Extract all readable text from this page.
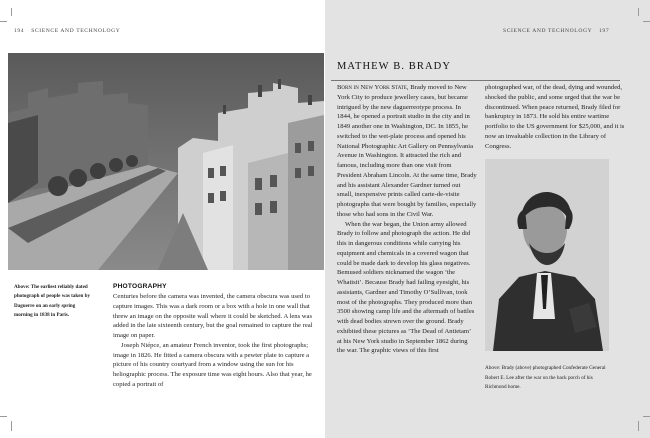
194 SCIENCE AND TECHNOLOGY
Above: The earliest reliably dated photograph of people was taken by Daguerre on an early spring morning in 1838 in Paris.
PHOTOGRAPHY

Centuries before the camera was invented, the camera obscura was used to capture images. This was a dark room or a box with a hole in one wall that threw an image on the opposite wall where it could be sketched. A lens was added in the late sixteenth century, but the goal remained to capture the real image on paper.

Joseph Niépce, an amateur French inventor, took the first photographs; image in 1826. He fitted a camera obscura with a pewter plate to capture a picture of his country courtyard from a window using the sun for his heliographic process. The exposure time was eight hours. Also that year, he copied a portrait of

SCIENCE AND TECHNOLOGY 197
MATHEW B. BRADY

Born in New York State, Brady moved to New York City to produce jewellery cases, but became intrigued by the new daguerreotype process. In 1844, he opened a portrait studio in the city and in 1849 another one in Washington, DC. In 1855, he switched to the wet-plate process and opened his National Photographic Art Gallery on Pennsylvania Avenue in Washington. It attracted the rich and famous, including more than one visit from President Abraham Lincoln. At the same time, Brady and his assistant Alexander Gardner turned out small, inexpensive prints called carte-de-visite photographs that were bought by families, especially those who had sons in the Civil War.

When the war began, the Union army allowed Brady to follow and photograph the action. He did this in dangerous conditions while carrying his equipment and chemicals in a covered wagon that could be made dark to develop his glass negatives. Bemused soldiers nicknamed the wagon ‘the Whatisit’. Because Brady had failing eyesight, his assistants, Gardner and Timothy O’Sullivan, took most of the photographs. They produced more than 3500 showing camp life and the aftermath of battles with dead bodies strewn over the ground. Brady exhibited these pictures as ‘The Dead of Antietam’ at his New York studio in September 1862 during the war. The graphic views of this first

photographed war, of the dead, dying and wounded, shocked the public, and some urged that the war be discontinued. When peace returned, Brady filed for bankruptcy in 1873. He sold his entire wartime portfolio to the US government for $25,000, and it is now an invaluable collection in the Library of Congress.

Above: Brady (above) photographed Confederate General Robert E. Lee after the war on the back porch of his Richmond home.
